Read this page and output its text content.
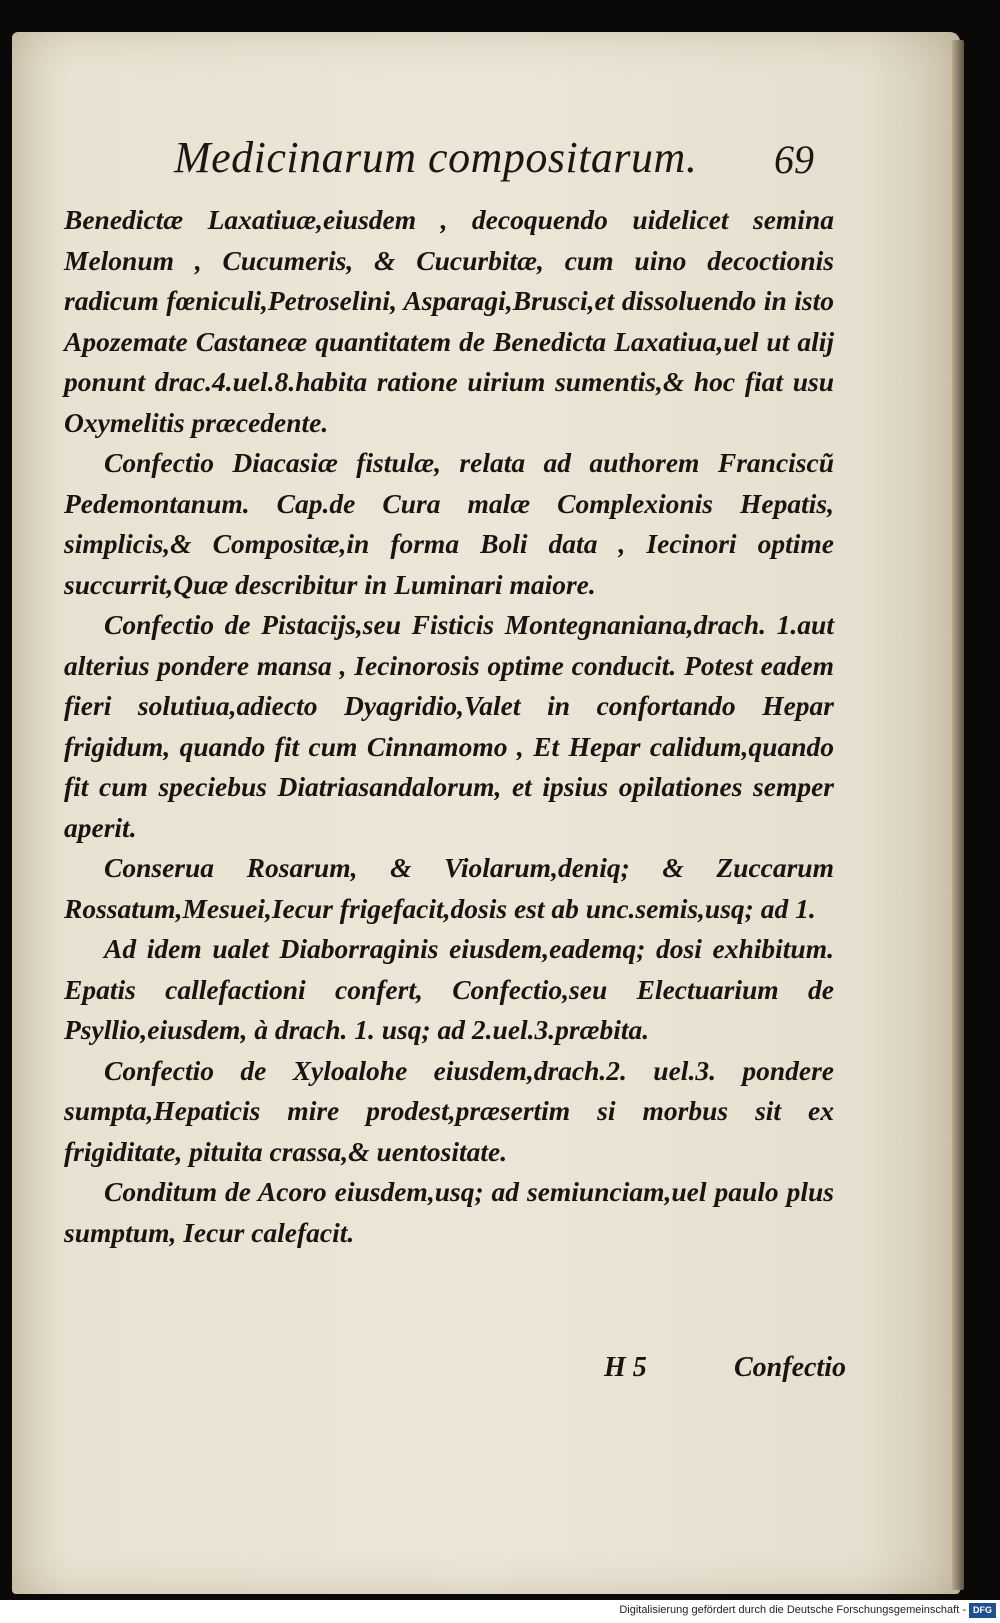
Medicinarum compositarum. 69

Benedictæ Laxatiuæ,eiusdem , decoquendo uidelicet semina Melonum , Cucumeris, & Cucurbitæ, cum uino decoctionis radicum fœniculi,Petroselini, Asparagi,Brusci,et dissoluendo in isto Apozemate Castaneæ quantitatem de Benedicta Laxatiua,uel ut alij ponunt drac.4.uel.8.habita ratione uirium sumentis,& hoc fiat usu Oxymelitis præcedente.

Confectio Diacasiæ fistulæ, relata ad authorem Franciscũ Pedemontanum. Cap.de Cura malæ Complexionis Hepatis, simplicis,& Compositæ,in forma Boli data , Iecinori optime succurrit,Quæ describitur in Luminari maiore.

Confectio de Pistacijs,seu Fisticis Montegnaniana,drach. 1.aut alterius pondere mansa , Iecinorosis optime conducit. Potest eadem fieri solutiua,adiecto Dyagridio,Valet in confortando Hepar frigidum, quando fit cum Cinnamomo , Et Hepar calidum,quando fit cum speciebus Diatriasandalorum, et ipsius opilationes semper aperit.

Conserua Rosarum, & Violarum,deniq; & Zuccarum Rossatum,Mesuei,Iecur frigefacit,dosis est ab unc.semis,usq; ad 1.

Ad idem ualet Diaborraginis eiusdem,eademq; dosi exhibitum. Epatis callefactioni confert, Confectio,seu Electuarium de Psyllio,eiusdem, à drach. 1. usq; ad 2.uel.3.præbita.

Confectio de Xyloalohe eiusdem,drach.2. uel.3. pondere sumpta,Hepaticis mire prodest,præsertim si morbus sit ex frigiditate, pituita crassa,& uentositate.

Conditum de Acoro eiusdem,usq; ad semiunciam,uel paulo plus sumptum, Iecur calefacit.

H 5	Confectio
Digitalisierung gefördert durch die Deutsche Forschungsgemeinschaft - DFG
